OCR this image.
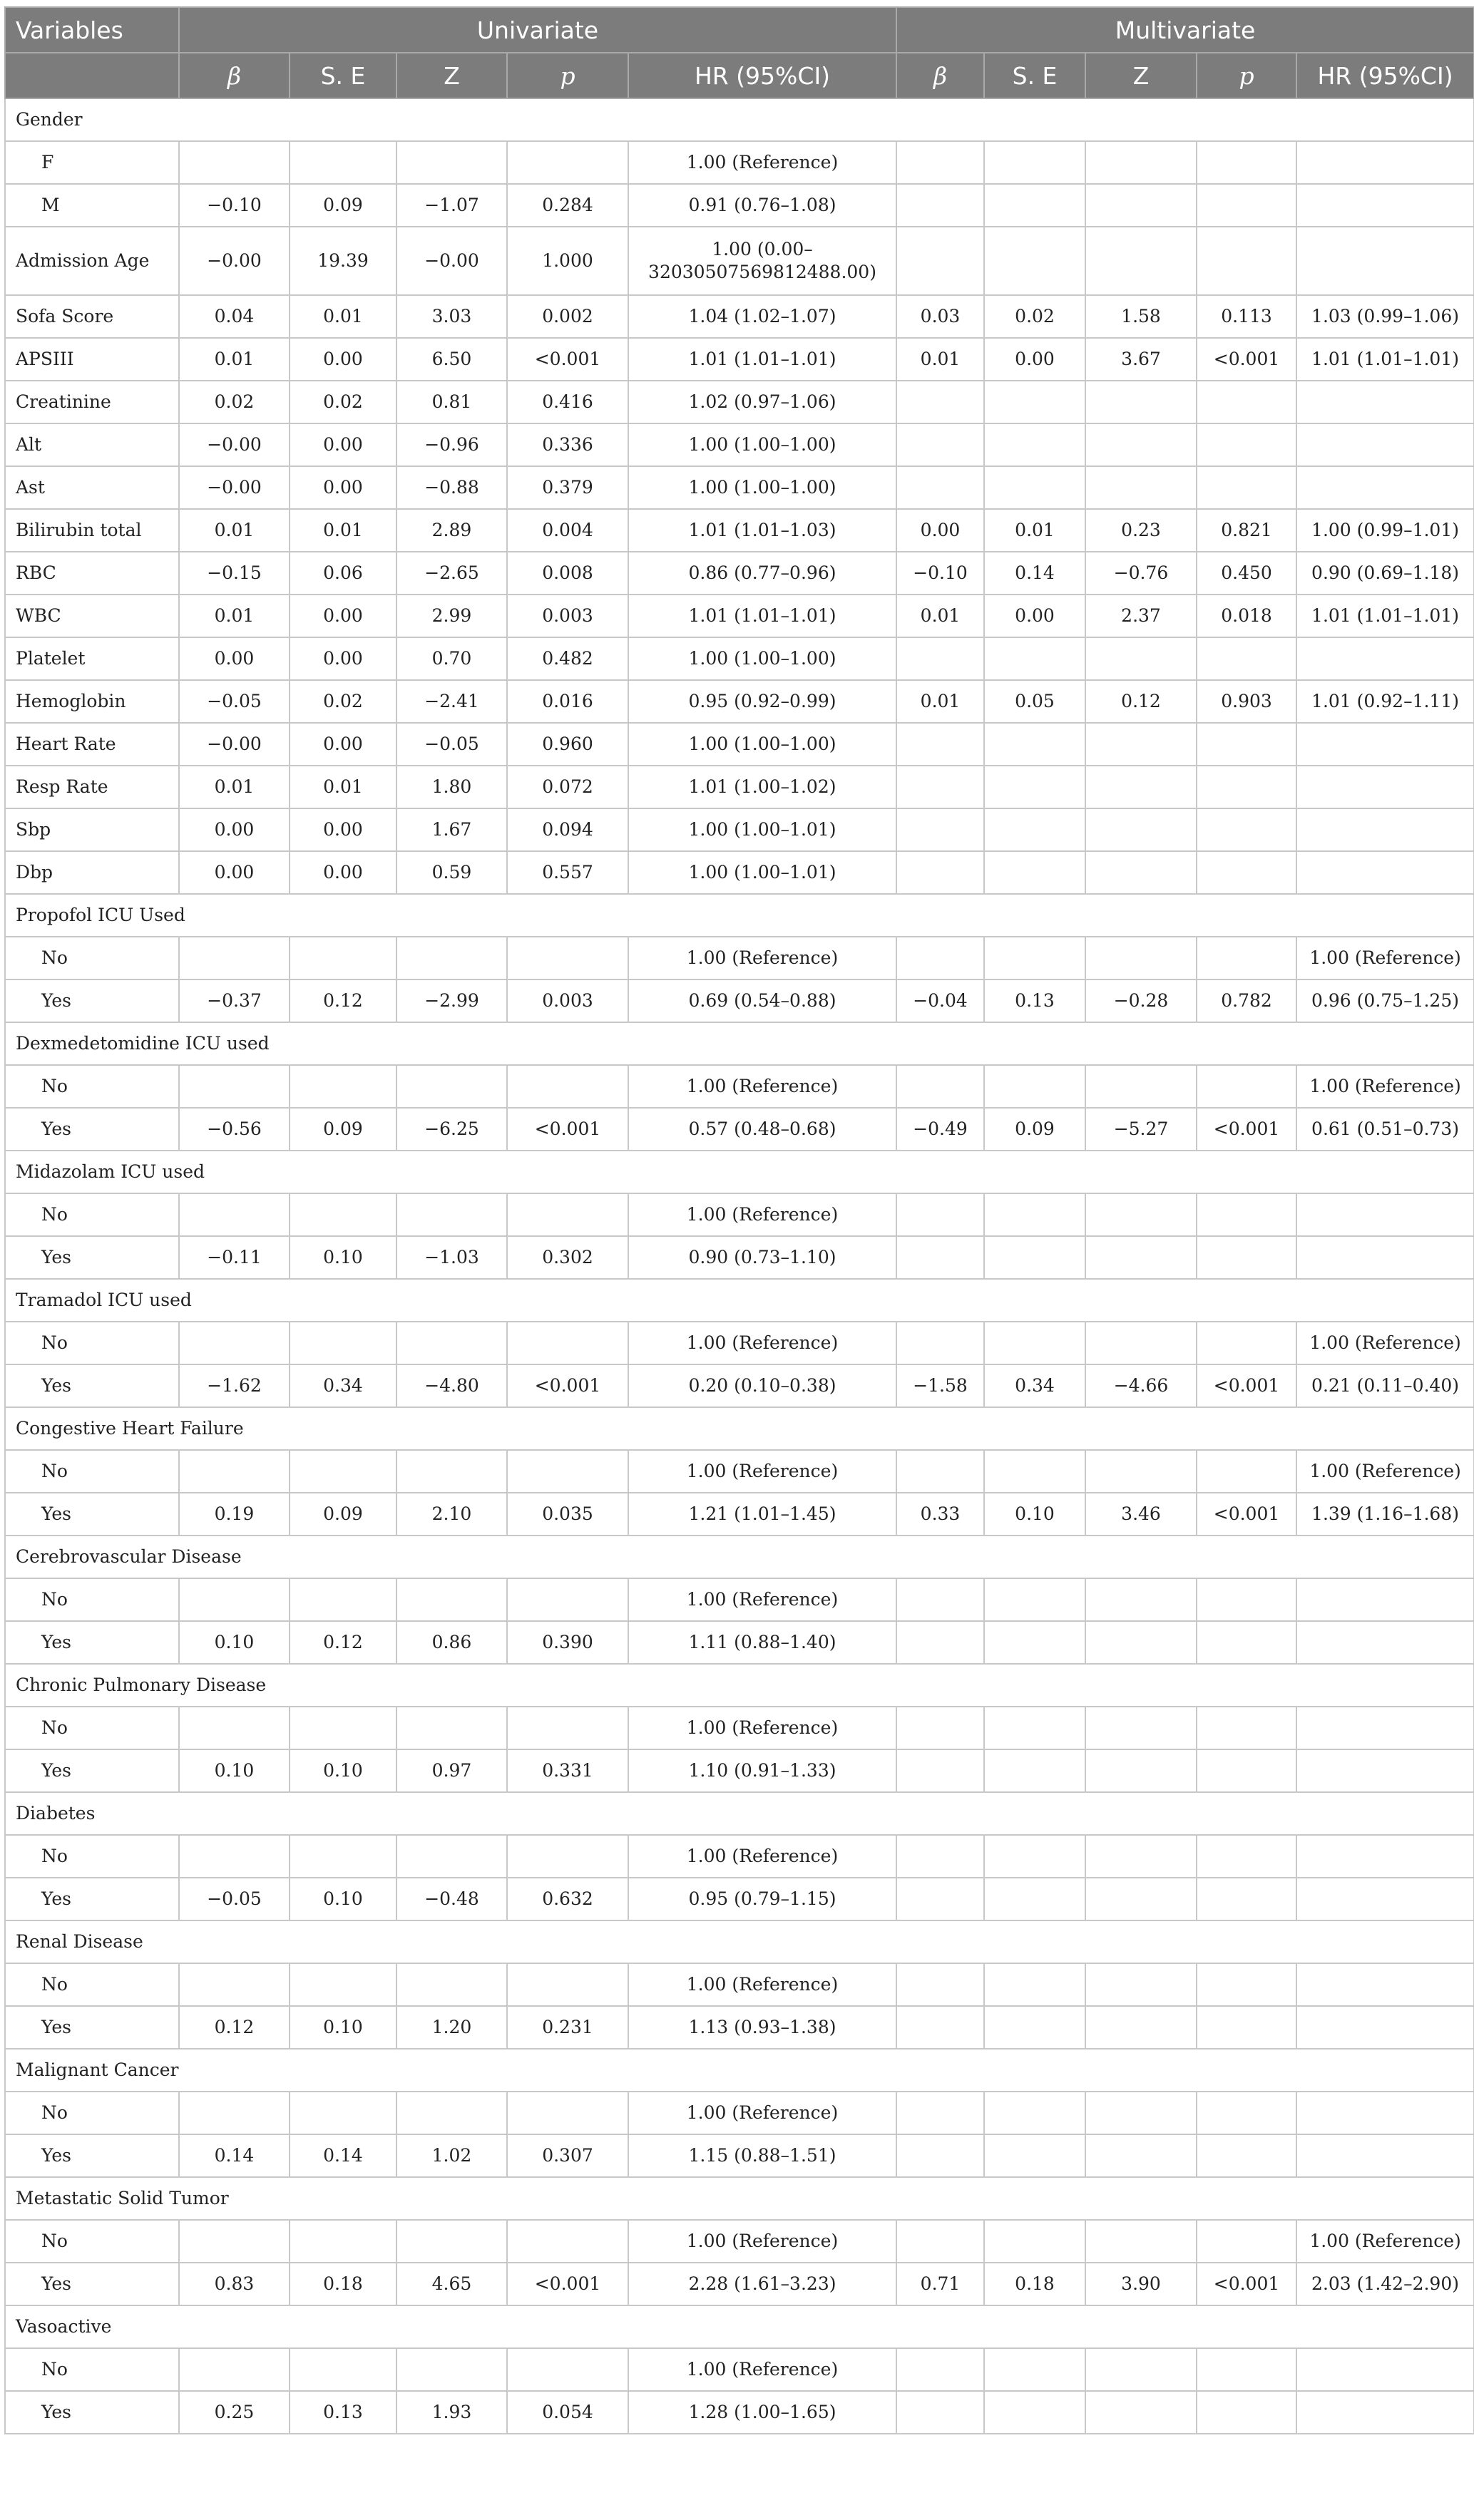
Variables	Univariate					Multivariate				
	β	S. E	Z	p	HR (95%CI)	β	S. E	Z	p	HR (95%CI)
Gender										
F					1.00 (Reference)					
M	−0.10	0.09	−1.07	0.284	0.91 (0.76–1.08)					
Admission Age	−0.00	19.39	−0.00	1.000	1.00 (0.00–32030507569812488.00)					
Sofa Score	0.04	0.01	3.03	0.002	1.04 (1.02–1.07)	0.03	0.02	1.58	0.113	1.03 (0.99–1.06)
APSIII	0.01	0.00	6.50	<0.001	1.01 (1.01–1.01)	0.01	0.00	3.67	<0.001	1.01 (1.01–1.01)
Creatinine	0.02	0.02	0.81	0.416	1.02 (0.97–1.06)					
Alt	−0.00	0.00	−0.96	0.336	1.00 (1.00–1.00)					
Ast	−0.00	0.00	−0.88	0.379	1.00 (1.00–1.00)					
Bilirubin total	0.01	0.01	2.89	0.004	1.01 (1.01–1.03)	0.00	0.01	0.23	0.821	1.00 (0.99–1.01)
RBC	−0.15	0.06	−2.65	0.008	0.86 (0.77–0.96)	−0.10	0.14	−0.76	0.450	0.90 (0.69–1.18)
WBC	0.01	0.00	2.99	0.003	1.01 (1.01–1.01)	0.01	0.00	2.37	0.018	1.01 (1.01–1.01)
Platelet	0.00	0.00	0.70	0.482	1.00 (1.00–1.00)					
Hemoglobin	−0.05	0.02	−2.41	0.016	0.95 (0.92–0.99)	0.01	0.05	0.12	0.903	1.01 (0.92–1.11)
Heart Rate	−0.00	0.00	−0.05	0.960	1.00 (1.00–1.00)					
Resp Rate	0.01	0.01	1.80	0.072	1.01 (1.00–1.02)					
Sbp	0.00	0.00	1.67	0.094	1.00 (1.00–1.01)					
Dbp	0.00	0.00	0.59	0.557	1.00 (1.00–1.01)					
Propofol ICU Used										
No					1.00 (Reference)					1.00 (Reference)
Yes	−0.37	0.12	−2.99	0.003	0.69 (0.54–0.88)	−0.04	0.13	−0.28	0.782	0.96 (0.75–1.25)
Dexmedetomidine ICU used										
No					1.00 (Reference)					1.00 (Reference)
Yes	−0.56	0.09	−6.25	<0.001	0.57 (0.48–0.68)	−0.49	0.09	−5.27	<0.001	0.61 (0.51–0.73)
Midazolam ICU used										
No					1.00 (Reference)					
Yes	−0.11	0.10	−1.03	0.302	0.90 (0.73–1.10)					
Tramadol ICU used										
No					1.00 (Reference)					1.00 (Reference)
Yes	−1.62	0.34	−4.80	<0.001	0.20 (0.10–0.38)	−1.58	0.34	−4.66	<0.001	0.21 (0.11–0.40)
Congestive Heart Failure										
No					1.00 (Reference)					1.00 (Reference)
Yes	0.19	0.09	2.10	0.035	1.21 (1.01–1.45)	0.33	0.10	3.46	<0.001	1.39 (1.16–1.68)
Cerebrovascular Disease										
No					1.00 (Reference)					
Yes	0.10	0.12	0.86	0.390	1.11 (0.88–1.40)					
Chronic Pulmonary Disease										
No					1.00 (Reference)					
Yes	0.10	0.10	0.97	0.331	1.10 (0.91–1.33)					
Diabetes										
No					1.00 (Reference)					
Yes	−0.05	0.10	−0.48	0.632	0.95 (0.79–1.15)					
Renal Disease										
No					1.00 (Reference)					
Yes	0.12	0.10	1.20	0.231	1.13 (0.93–1.38)					
Malignant Cancer										
No					1.00 (Reference)					
Yes	0.14	0.14	1.02	0.307	1.15 (0.88–1.51)					
Metastatic Solid Tumor										
No					1.00 (Reference)					1.00 (Reference)
Yes	0.83	0.18	4.65	<0.001	2.28 (1.61–3.23)	0.71	0.18	3.90	<0.001	2.03 (1.42–2.90)
Vasoactive										
No					1.00 (Reference)					
Yes	0.25	0.13	1.93	0.054	1.28 (1.00–1.65)					
